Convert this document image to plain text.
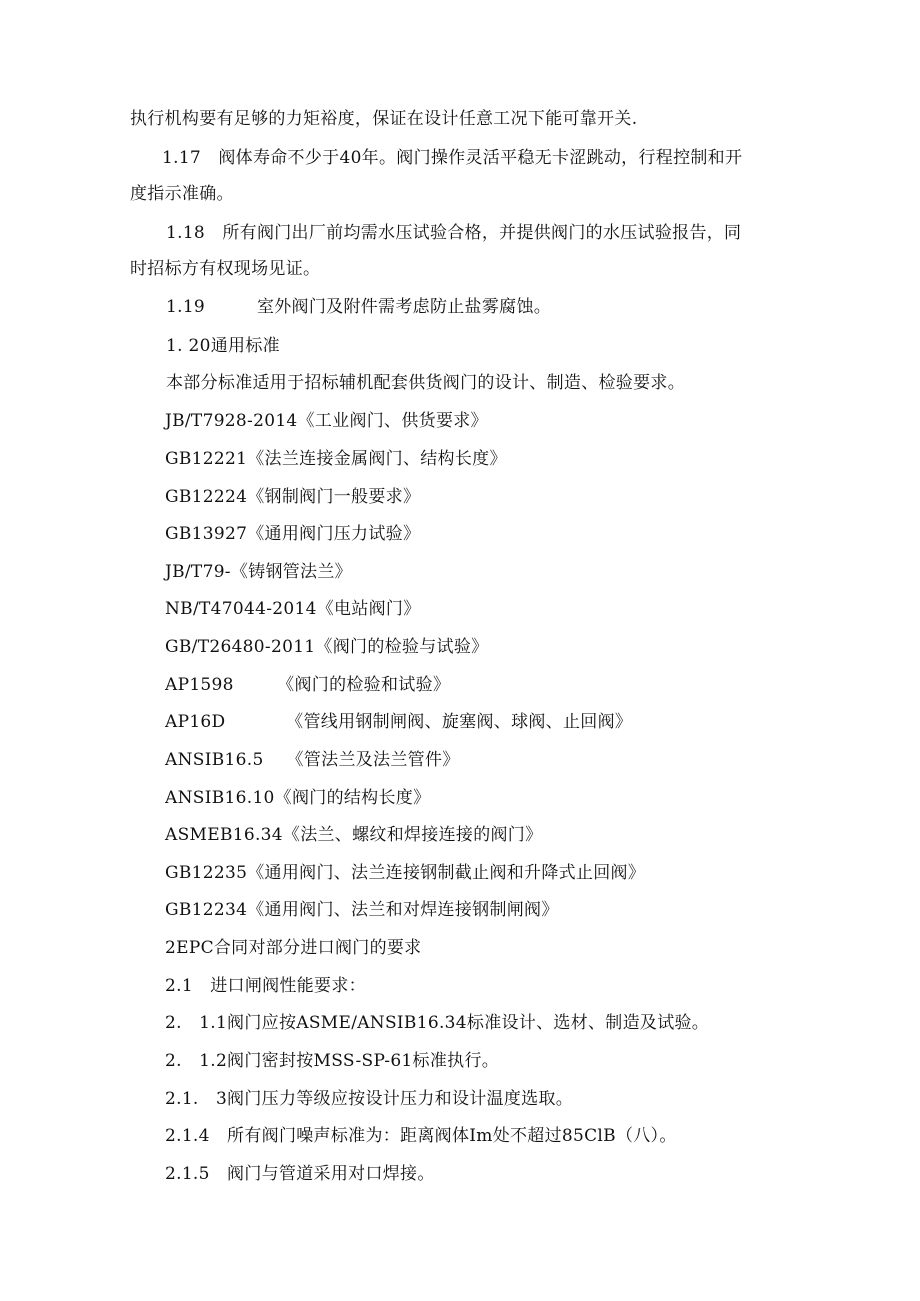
执行机构要有足够的力矩裕度，保证在设计任意工况下能可靠开关.
1.17　阀体寿命不少于40年。阀门操作灵活平稳无卡涩跳动，行程控制和开
度指示准确。
1.18　所有阀门出厂前均需水压试验合格，并提供阀门的水压试验报告，同
时招标方有权现场见证。
1.19　　　室外阀门及附件需考虑防止盐雾腐蚀。
1. 20通用标准
本部分标准适用于招标辅机配套供货阀门的设计、制造、检验要求。
JB/T7928-2014《工业阀门、供货要求》
GB12221《法兰连接金属阀门、结构长度》
GB12224《钢制阀门一般要求》
GB13927《通用阀门压力试验》
JB/T79-《铸钢管法兰》
NB/T47044-2014《电站阀门》
GB/T26480-2011《阀门的检验与试验》
AP1598　　　《阀门的检验和试验》
AP16D　　　　《管线用钢制闸阀、旋塞阀、球阀、止回阀》
ANSIB16.5　 《管法兰及法兰管件》
ANSIB16.10《阀门的结构长度》
ASMEB16.34《法兰、螺纹和焊接连接的阀门》
GB12235《通用阀门、法兰连接钢制截止阀和升降式止回阀》
GB12234《通用阀门、法兰和对焊连接钢制闸阀》
2EPC合同对部分进口阀门的要求
2.1　进口闸阀性能要求：
2.　1.1阀门应按ASME/ANSIB16.34标准设计、选材、制造及试验。
2.　1.2阀门密封按MSS-SP-61标准执行。
2.1.　3阀门压力等级应按设计压力和设计温度选取。
2.1.4　所有阀门噪声标准为：距离阀体Im处不超过85ClB（八）。
2.1.5　阀门与管道采用对口焊接。
